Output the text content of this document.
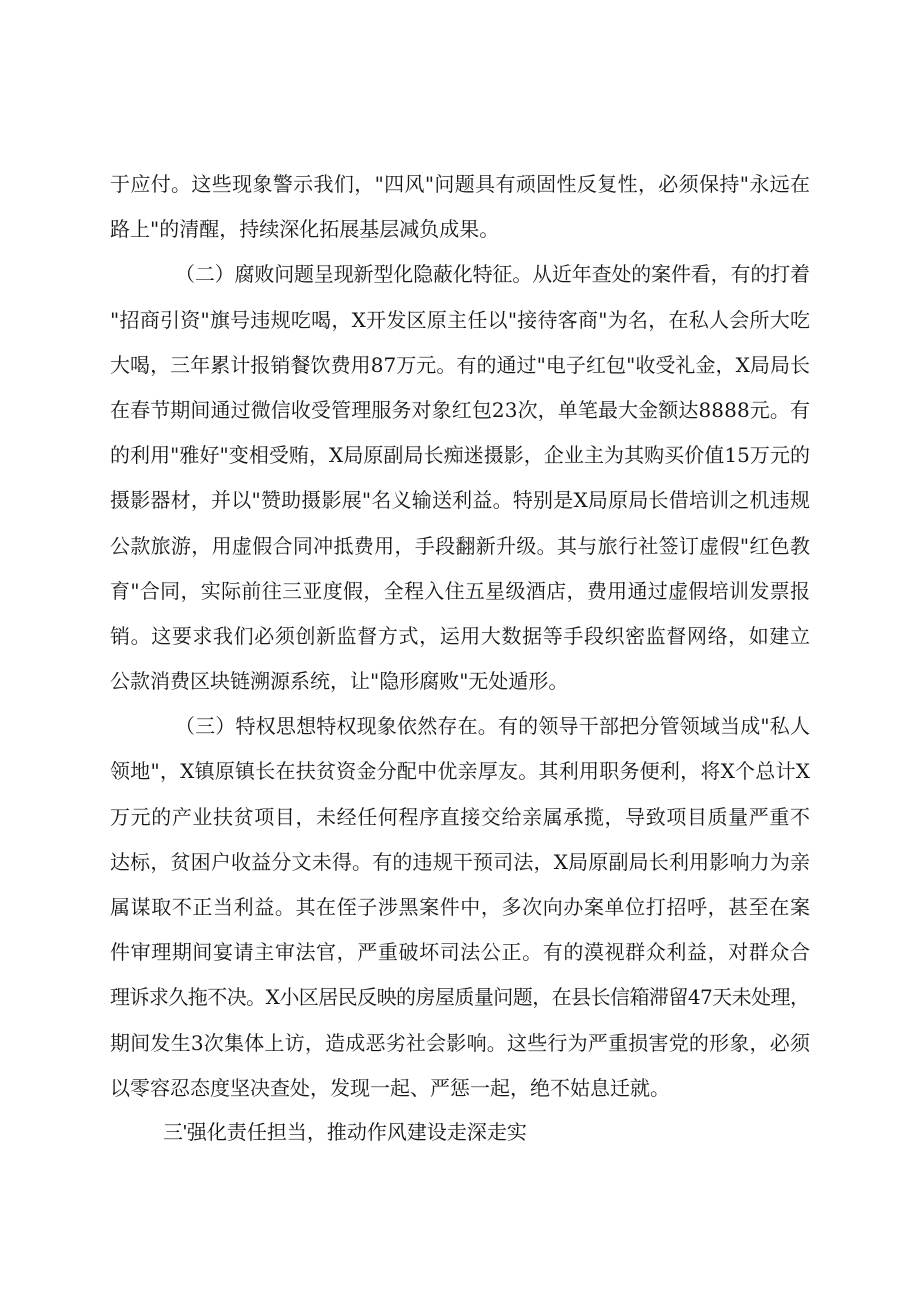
于应付。这些现象警示我们，"四风"问题具有顽固性反复性，必须保持"永远在
路上"的清醒，持续深化拓展基层减负成果。
（二）腐败问题呈现新型化隐蔽化特征。从近年查处的案件看，有的打着
"招商引资"旗号违规吃喝，X开发区原主任以"接待客商"为名，在私人会所大吃
大喝，三年累计报销餐饮费用87万元。有的通过"电子红包"收受礼金，X局局长
在春节期间通过微信收受管理服务对象红包23次，单笔最大金额达8888元。有
的利用"雅好"变相受贿，X局原副局长痴迷摄影，企业主为其购买价值15万元的
摄影器材，并以"赞助摄影展"名义输送利益。特别是X局原局长借培训之机违规
公款旅游，用虚假合同冲抵费用，手段翻新升级。其与旅行社签订虚假"红色教
育"合同，实际前往三亚度假，全程入住五星级酒店，费用通过虚假培训发票报
销。这要求我们必须创新监督方式，运用大数据等手段织密监督网络，如建立
公款消费区块链溯源系统，让"隐形腐败"无处遁形。
（三）特权思想特权现象依然存在。有的领导干部把分管领域当成"私人
领地"，X镇原镇长在扶贫资金分配中优亲厚友。其利用职务便利，将X个总计X
万元的产业扶贫项目，未经任何程序直接交给亲属承揽，导致项目质量严重不
达标，贫困户收益分文未得。有的违规干预司法，X局原副局长利用影响力为亲
属谋取不正当利益。其在侄子涉黑案件中，多次向办案单位打招呼，甚至在案
件审理期间宴请主审法官，严重破坏司法公正。有的漠视群众利益，对群众合
理诉求久拖不决。X小区居民反映的房屋质量问题，在县长信箱滞留47天未处理，
期间发生3次集体上访，造成恶劣社会影响。这些行为严重损害党的形象，必须
以零容忍态度坚决查处，发现一起、严惩一起，绝不姑息迁就。
三'强化责任担当，推动作风建设走深走实
